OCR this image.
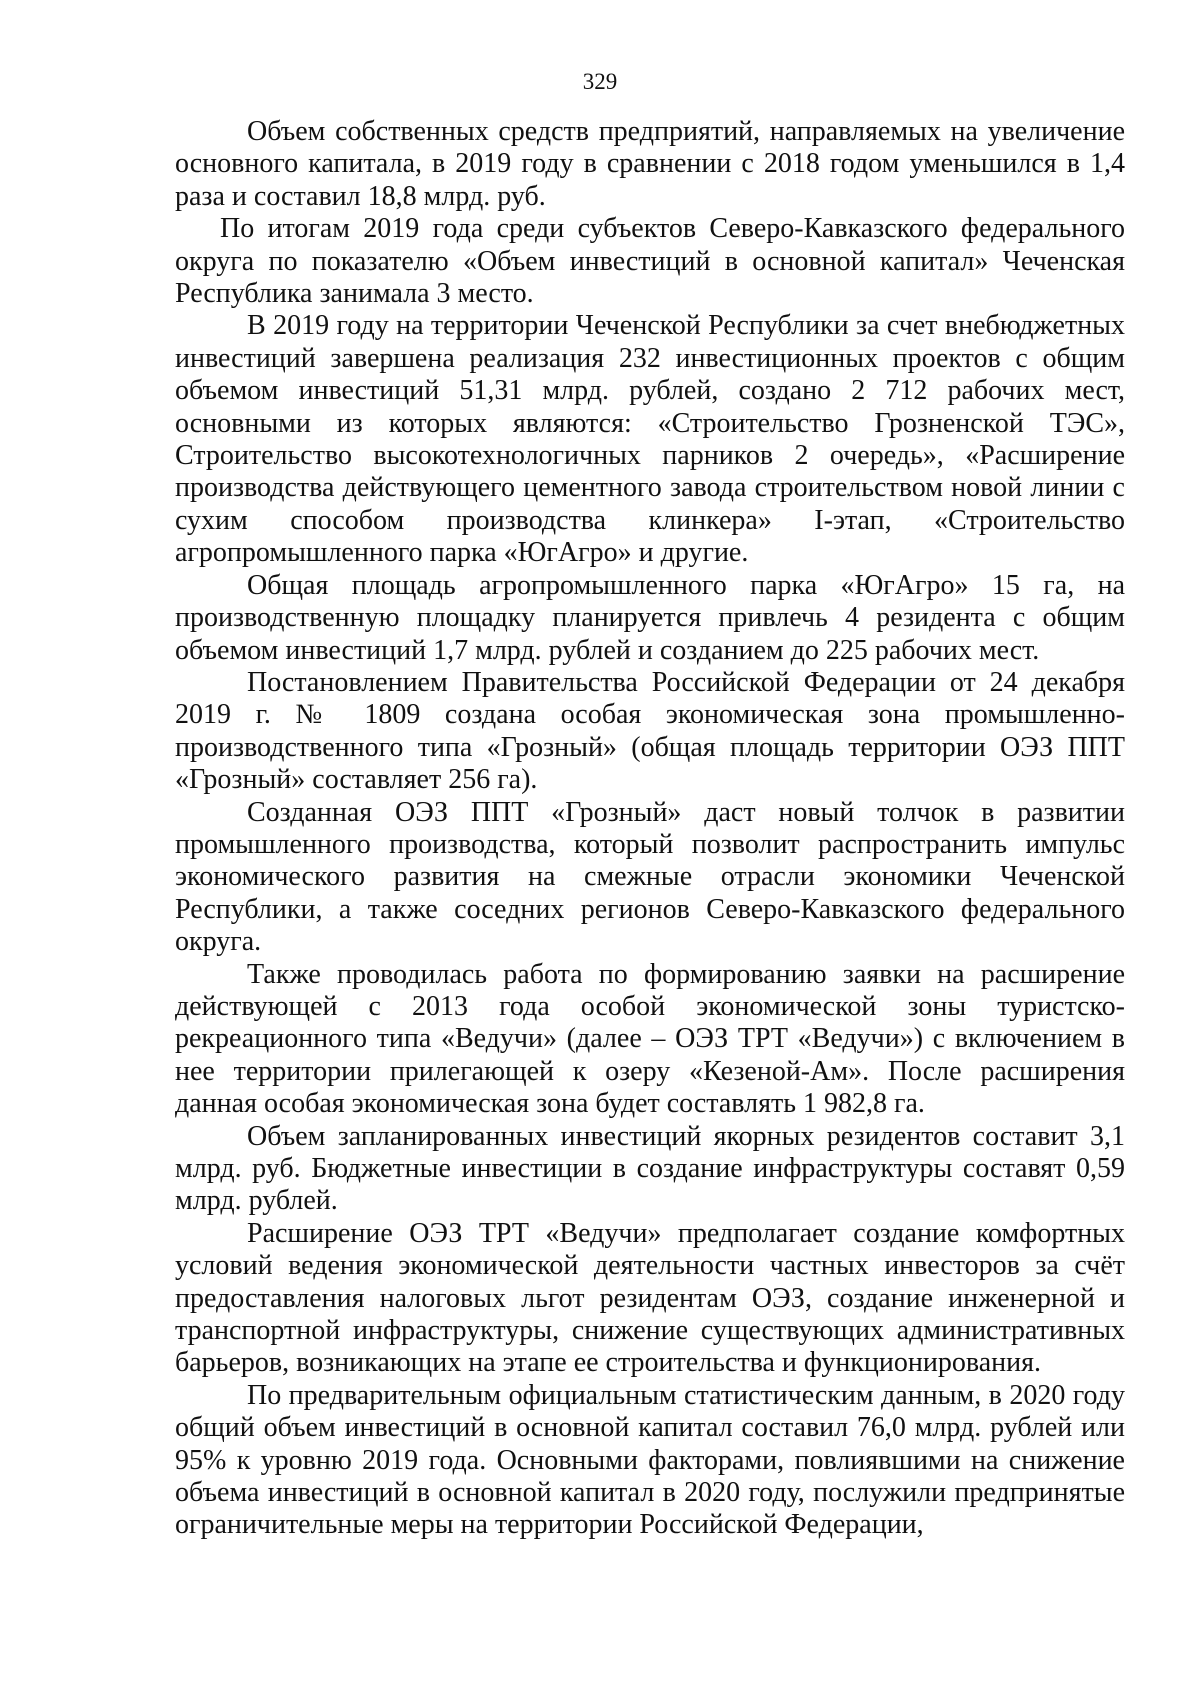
329

Объем собственных средств предприятий, направляемых на увеличение основного капитала, в 2019 году в сравнении с 2018 годом уменьшился в 1,4 раза и составил 18,8 млрд. руб.

По итогам 2019 года среди субъектов Северо-Кавказского федерального округа по показателю «Объем инвестиций в основной капитал» Чеченская Республика занимала 3 место.

В 2019 году на территории Чеченской Республики за счет внебюджетных инвестиций завершена реализация 232 инвестиционных проектов с общим объемом инвестиций 51,31 млрд. рублей, создано 2 712 рабочих мест, основными из которых являются: «Строительство Грозненской ТЭС», Строительство высокотехнологичных парников 2 очередь», «Расширение производства действующего цементного завода строительством новой линии с сухим способом производства клинкера» I-этап, «Строительство агропромышленного парка «ЮгАгро» и другие.

Общая площадь агропромышленного парка «ЮгАгро» 15 га, на производственную площадку планируется привлечь 4 резидента с общим объемом инвестиций 1,7 млрд. рублей и созданием до 225 рабочих мест.

Постановлением Правительства Российской Федерации от 24 декабря 2019 г. № 1809 создана особая экономическая зона промышленно-производственного типа «Грозный» (общая площадь территории ОЭЗ ППТ «Грозный» составляет 256 га).

Созданная ОЭЗ ППТ «Грозный» даст новый толчок в развитии промышленного производства, который позволит распространить импульс экономического развития на смежные отрасли экономики Чеченской Республики, а также соседних регионов Северо-Кавказского федерального округа.

Также проводилась работа по формированию заявки на расширение действующей с 2013 года особой экономической зоны туристско-рекреационного типа «Ведучи» (далее – ОЭЗ ТРТ «Ведучи») с включением в нее территории прилегающей к озеру «Кезеной-Ам». После расширения данная особая экономическая зона будет составлять 1 982,8 га.

Объем запланированных инвестиций якорных резидентов составит 3,1 млрд. руб. Бюджетные инвестиции в создание инфраструктуры составят 0,59 млрд. рублей.

Расширение ОЭЗ ТРТ «Ведучи» предполагает создание комфортных условий ведения экономической деятельности частных инвесторов за счёт предоставления налоговых льгот резидентам ОЭЗ, создание инженерной и транспортной инфраструктуры, снижение существующих административных барьеров, возникающих на этапе ее строительства и функционирования.

По предварительным официальным статистическим данным, в 2020 году общий объем инвестиций в основной капитал составил 76,0 млрд. рублей или 95% к уровню 2019 года. Основными факторами, повлиявшими на снижение объема инвестиций в основной капитал в 2020 году, послужили предпринятые ограничительные меры на территории Российской Федерации,
